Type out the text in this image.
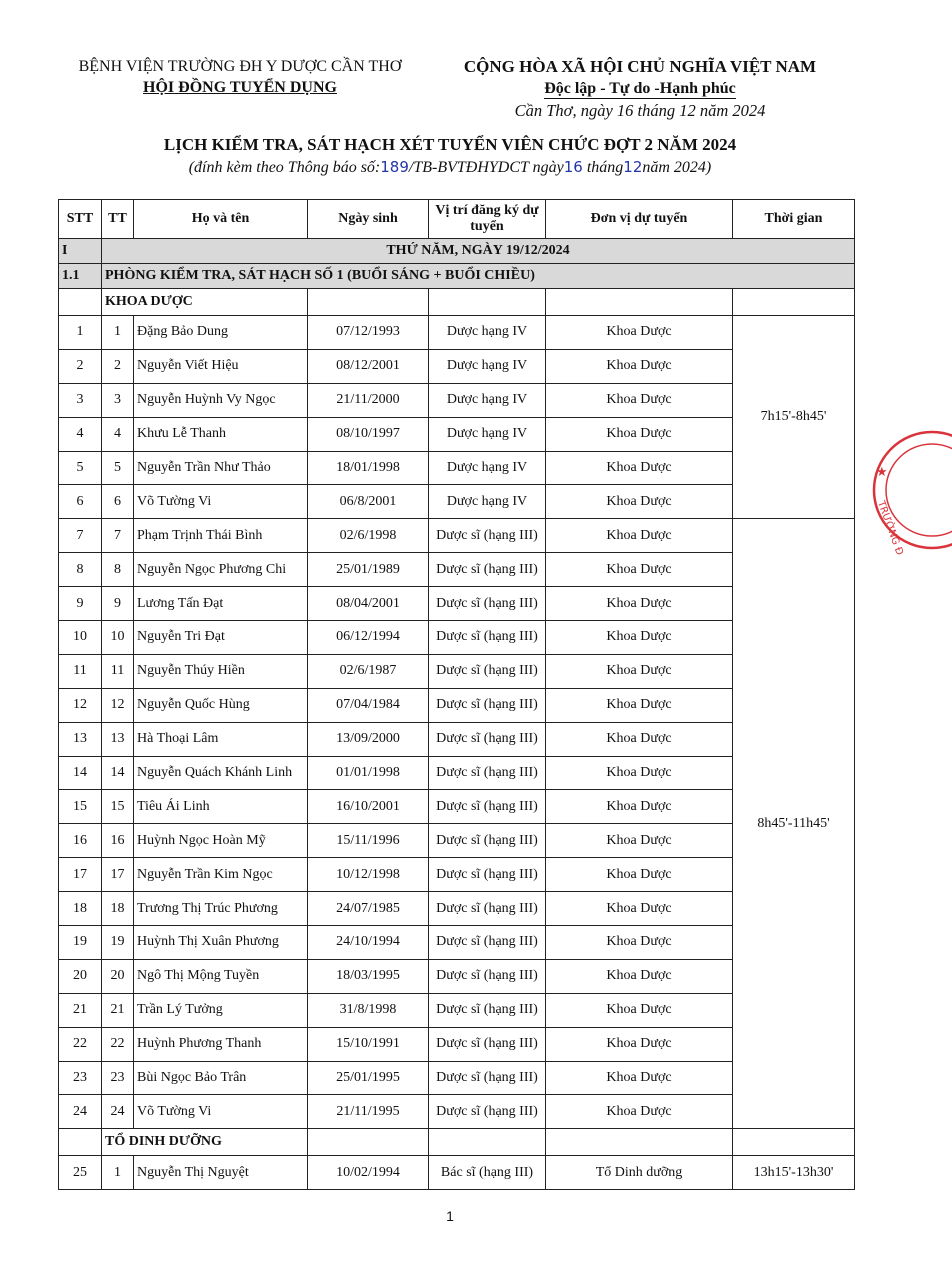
BỆNH VIỆN TRƯỜNG ĐH Y DƯỢC CẦN THƠ
HỘI ĐỒNG TUYỂN DỤNG
CỘNG HÒA XÃ HỘI CHỦ NGHĨA VIỆT NAM
Độc lập - Tự do -Hạnh phúc
Cần Thơ, ngày 16 tháng 12 năm 2024
LỊCH KIỂM TRA, SÁT HẠCH XÉT TUYỂN VIÊN CHỨC ĐỢT 2 NĂM 2024
(đính kèm theo Thông báo số:189/TB-BVTĐHYDCT ngày16 tháng12năm 2024)
STT	TT	Họ và tên	Ngày sinh	Vị trí đăng ký dự tuyển	Đơn vị dự tuyển	Thời gian
I	THỨ NĂM, NGÀY 19/12/2024					
1.1	PHÒNG KIỂM TRA, SÁT HẠCH SỐ 1 (BUỔI SÁNG + BUỔI CHIỀU)					
	KHOA DƯỢC					
1	1	Đặng Bảo Dung	07/12/1993	Dược hạng IV	Khoa Dược	7h15'-8h45'
2	2	Nguyễn Viết Hiệu	08/12/2001	Dược hạng IV	Khoa Dược	
3	3	Nguyễn Huỳnh Vy Ngọc	21/11/2000	Dược hạng IV	Khoa Dược	
4	4	Khưu Lễ Thanh	08/10/1997	Dược hạng IV	Khoa Dược	
5	5	Nguyễn Trần Như Thảo	18/01/1998	Dược hạng IV	Khoa Dược	
6	6	Võ Tường Vi	06/8/2001	Dược hạng IV	Khoa Dược	
7	7	Phạm Trịnh Thái Bình	02/6/1998	Dược sĩ (hạng III)	Khoa Dược	8h45'-11h45'
8	8	Nguyễn Ngọc Phương Chi	25/01/1989	Dược sĩ (hạng III)	Khoa Dược	
9	9	Lương Tấn Đạt	08/04/2001	Dược sĩ (hạng III)	Khoa Dược	
10	10	Nguyễn Tri Đạt	06/12/1994	Dược sĩ (hạng III)	Khoa Dược	
11	11	Nguyễn Thúy Hiền	02/6/1987	Dược sĩ (hạng III)	Khoa Dược	
12	12	Nguyễn Quốc Hùng	07/04/1984	Dược sĩ (hạng III)	Khoa Dược	
13	13	Hà Thoại Lâm	13/09/2000	Dược sĩ (hạng III)	Khoa Dược	
14	14	Nguyễn Quách Khánh Linh	01/01/1998	Dược sĩ (hạng III)	Khoa Dược	
15	15	Tiêu Ái Linh	16/10/2001	Dược sĩ (hạng III)	Khoa Dược	
16	16	Huỳnh Ngọc Hoàn Mỹ	15/11/1996	Dược sĩ (hạng III)	Khoa Dược	
17	17	Nguyễn Trần Kim Ngọc	10/12/1998	Dược sĩ (hạng III)	Khoa Dược	
18	18	Trương Thị Trúc Phương	24/07/1985	Dược sĩ (hạng III)	Khoa Dược	
19	19	Huỳnh Thị Xuân Phương	24/10/1994	Dược sĩ (hạng III)	Khoa Dược	
20	20	Ngô Thị Mộng Tuyền	18/03/1995	Dược sĩ (hạng III)	Khoa Dược	
21	21	Trần Lý Tưởng	31/8/1998	Dược sĩ (hạng III)	Khoa Dược	
22	22	Huỳnh Phương Thanh	15/10/1991	Dược sĩ (hạng III)	Khoa Dược	
23	23	Bùi Ngọc Bảo Trân	25/01/1995	Dược sĩ (hạng III)	Khoa Dược	
24	24	Võ Tường Vi	21/11/1995	Dược sĩ (hạng III)	Khoa Dược	
	TỔ DINH DƯỠNG					
25	1	Nguyễn Thị Nguyệt	10/02/1994	Bác sĩ (hạng III)	Tổ Dinh dưỡng	13h15'-13h30'
1
★
TRƯỜNG Đ
